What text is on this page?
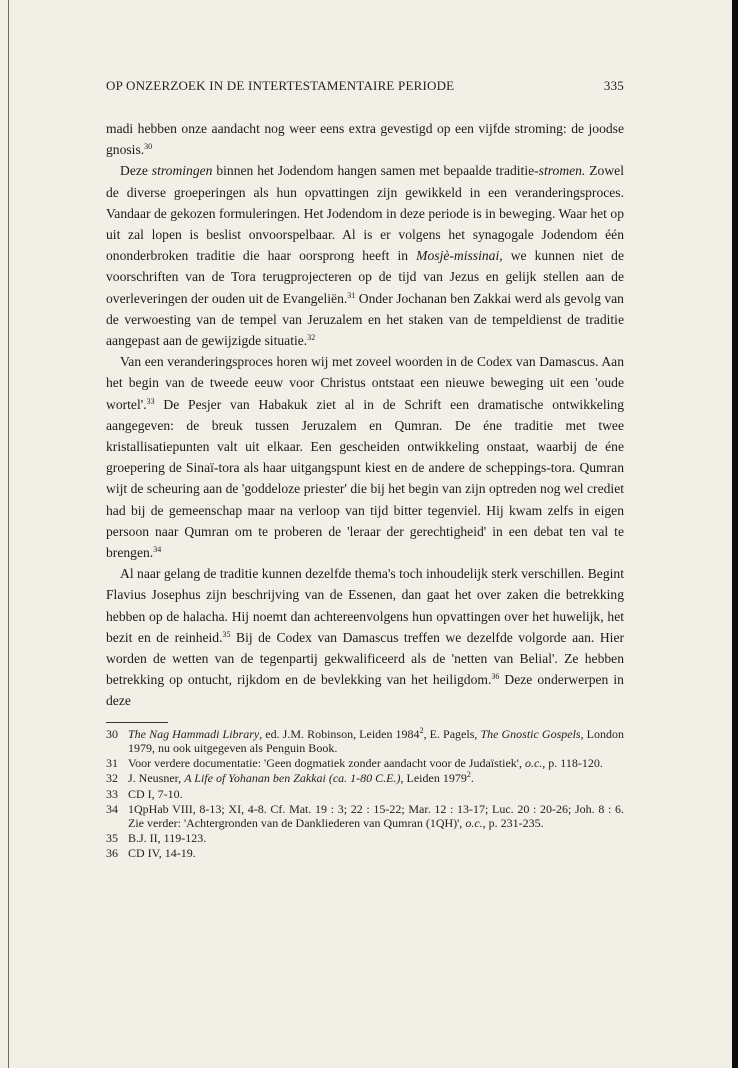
OP ONZERZOEK IN DE INTERTESTAMENTAIRE PERIODE	335

madi hebben onze aandacht nog weer eens extra gevestigd op een vijfde stroming: de joodse gnosis.$^{30}$

Deze stromingen binnen het Jodendom hangen samen met bepaalde traditie-stromen. Zowel de diverse groeperingen als hun opvattingen zijn gewikkeld in een veranderingsproces. Vandaar de gekozen formuleringen. Het Jodendom in deze periode is in beweging. Waar het op uit zal lopen is beslist onvoorspelbaar. Al is er volgens het synagogale Jodendom één ononderbroken traditie die haar oorsprong heeft in Mosjè-missinai, we kunnen niet de voorschriften van de Tora terugprojecteren op de tijd van Jezus en gelijk stellen aan de overleveringen der ouden uit de Evangeliën.$^{31}$ Onder Jochanan ben Zakkai werd als gevolg van de verwoesting van de tempel van Jeruzalem en het staken van de tempeldienst de traditie aangepast aan de gewijzigde situatie.$^{32}$

Van een veranderingsproces horen wij met zoveel woorden in de Codex van Damascus. Aan het begin van de tweede eeuw voor Christus ontstaat een nieuwe beweging uit een 'oude wortel'.$^{33}$ De Pesjer van Habakuk ziet al in de Schrift een dramatische ontwikkeling aangegeven: de breuk tussen Jeruzalem en Qumran. De éne traditie met twee kristallisatiepunten valt uit elkaar. Een gescheiden ontwikkeling onstaat, waarbij de éne groepering de Sinaï-tora als haar uitgangspunt kiest en de andere de scheppings-tora. Qumran wijt de scheuring aan de 'goddeloze priester' die bij het begin van zijn optreden nog wel crediet had bij de gemeenschap maar na verloop van tijd bitter tegenviel. Hij kwam zelfs in eigen persoon naar Qumran om te proberen de 'leraar der gerechtigheid' in een debat ten val te brengen.$^{34}$

Al naar gelang de traditie kunnen dezelfde thema's toch inhoudelijk sterk verschillen. Begint Flavius Josephus zijn beschrijving van de Essenen, dan gaat het over zaken die betrekking hebben op de halacha. Hij noemt dan achtereenvolgens hun opvattingen over het huwelijk, het bezit en de reinheid.$^{35}$ Bij de Codex van Damascus treffen we dezelfde volgorde aan. Hier worden de wetten van de tegenpartij gekwalificeerd als de 'netten van Belial'. Ze hebben betrekking op ontucht, rijkdom en de bevlekking van het heiligdom.$^{36}$ Deze onderwerpen in deze

30 The Nag Hammadi Library, ed. J.M. Robinson, Leiden 1984$^2$, E. Pagels, The Gnostic Gospels, London 1979, nu ook uitgegeven als Penguin Book.
31 Voor verdere documentatie: 'Geen dogmatiek zonder aandacht voor de Judaïstiek', o.c., p. 118-120.
32 J. Neusner, A Life of Yohanan ben Zakkai (ca. 1-80 C.E.), Leiden 1979$^2$.
33 CD I, 7-10.
34 1QpHab VIII, 8-13; XI, 4-8. Cf. Mat. 19 : 3; 22 : 15-22; Mar. 12 : 13-17; Luc. 20 : 20-26; Joh. 8 : 6. Zie verder: 'Achtergronden van de Dankliederen van Qumran (1QH)', o.c., p. 231-235.
35 B.J. II, 119-123.
36 CD IV, 14-19.
